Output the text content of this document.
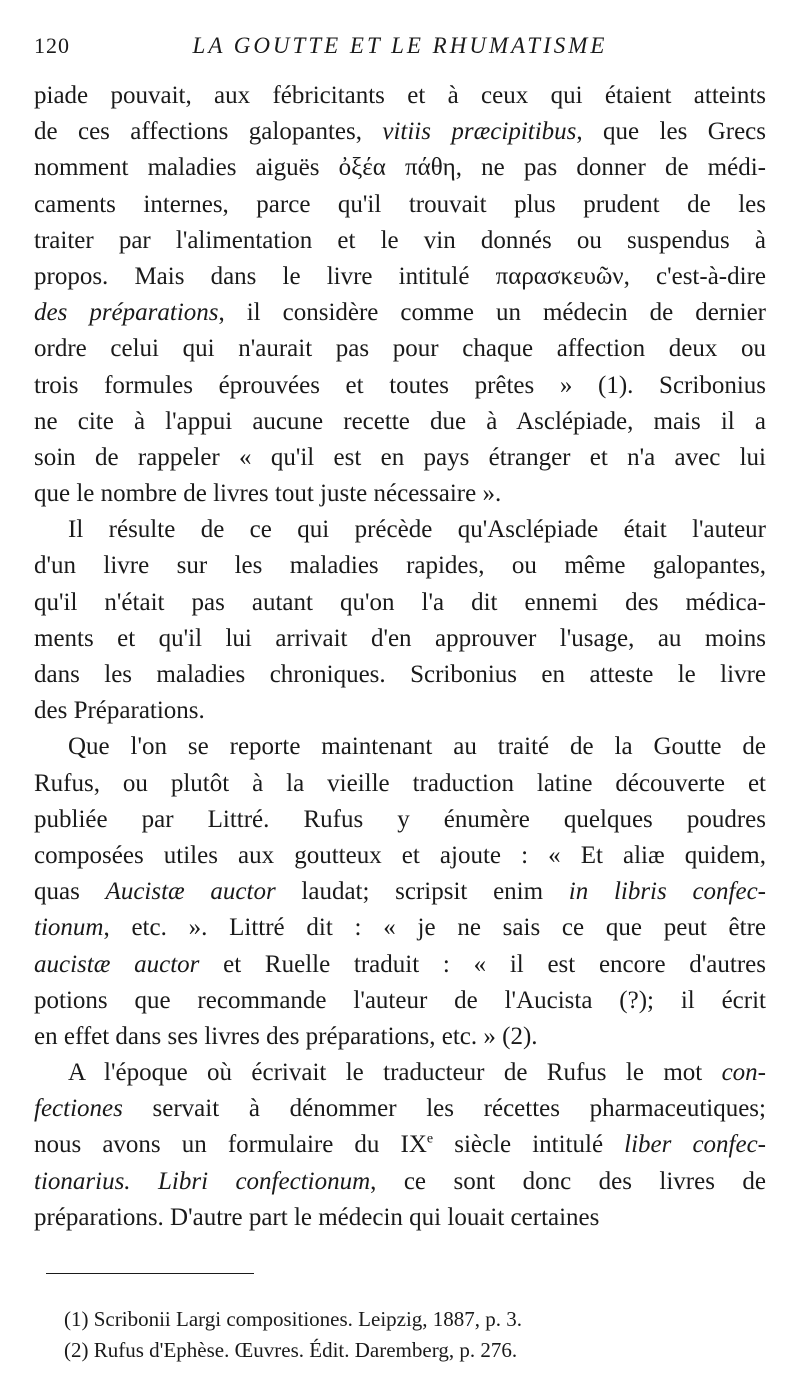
120	LA GOUTTE ET LE RHUMATISME
piade pouvait, aux fébricitants et à ceux qui étaient atteints
de ces affections galopantes, vitiis præcipitibus, que les Grecs
nomment maladies aiguës ὀξέα πάθη, ne pas donner de médi-
caments internes, parce qu'il trouvait plus prudent de les
traiter par l'alimentation et le vin donnés ou suspendus à
propos. Mais dans le livre intitulé παρασκευῶν, c'est-à-dire
des préparations, il considère comme un médecin de dernier
ordre celui qui n'aurait pas pour chaque affection deux ou
trois formules éprouvées et toutes prêtes » (1). Scribonius
ne cite à l'appui aucune recette due à Asclépiade, mais il a
soin de rappeler « qu'il est en pays étranger et n'a avec lui
que le nombre de livres tout juste nécessaire ».
Il résulte de ce qui précède qu'Asclépiade était l'auteur
d'un livre sur les maladies rapides, ou même galopantes,
qu'il n'était pas autant qu'on l'a dit ennemi des médica-
ments et qu'il lui arrivait d'en approuver l'usage, au moins
dans les maladies chroniques. Scribonius en atteste le livre
des Préparations.
Que l'on se reporte maintenant au traité de la Goutte de
Rufus, ou plutôt à la vieille traduction latine découverte et
publiée par Littré. Rufus y énumère quelques poudres
composées utiles aux goutteux et ajoute : « Et aliæ quidem,
quas Aucistæ auctor laudat; scripsit enim in libris confec-
tionum, etc. ». Littré dit : « je ne sais ce que peut être
aucistæ auctor et Ruelle traduit : « il est encore d'autres
potions que recommande l'auteur de l'Aucista (?); il écrit
en effet dans ses livres des préparations, etc. » (2).
A l'époque où écrivait le traducteur de Rufus le mot con-
fectiones servait à dénommer les récettes pharmaceutiques;
nous avons un formulaire du IXe siècle intitulé liber confec-
tionarius. Libri confectionum, ce sont donc des livres de
préparations. D'autre part le médecin qui louait certaines
(1) Scribonii Largi compositiones. Leipzig, 1887, p. 3.
(2) Rufus d'Ephèse. Œuvres. Édit. Daremberg, p. 276.
